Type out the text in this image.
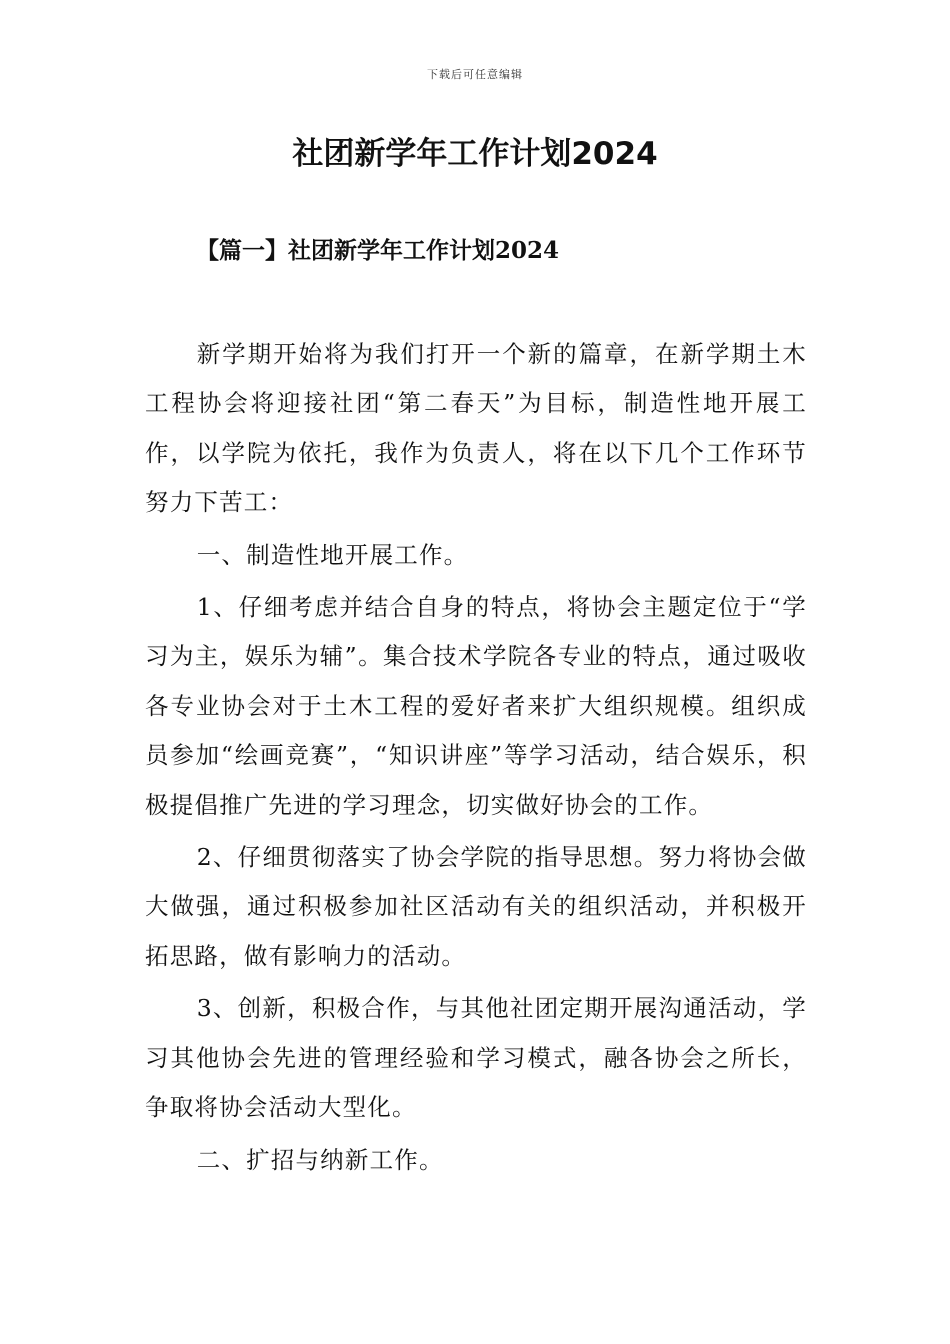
下载后可任意编辑
社团新学年工作计划2024
【篇一】社团新学年工作计划2024

新学期开始将为我们打开一个新的篇章，在新学期土木工程协会将迎接社团“第二春天”为目标，制造性地开展工作，以学院为依托，我作为负责人，将在以下几个工作环节努力下苦工：

一、制造性地开展工作。

1、仔细考虑并结合自身的特点，将协会主题定位于“学习为主，娱乐为辅”。集合技术学院各专业的特点，通过吸收各专业协会对于土木工程的爱好者来扩大组织规模。组织成员参加“绘画竞赛”，“知识讲座”等学习活动，结合娱乐，积极提倡推广先进的学习理念，切实做好协会的工作。

2、仔细贯彻落实了协会学院的指导思想。努力将协会做大做强，通过积极参加社区活动有关的组织活动，并积极开拓思路，做有影响力的活动。

3、创新，积极合作，与其他社团定期开展沟通活动，学习其他协会先进的管理经验和学习模式，融各协会之所长，争取将协会活动大型化。

二、扩招与纳新工作。
